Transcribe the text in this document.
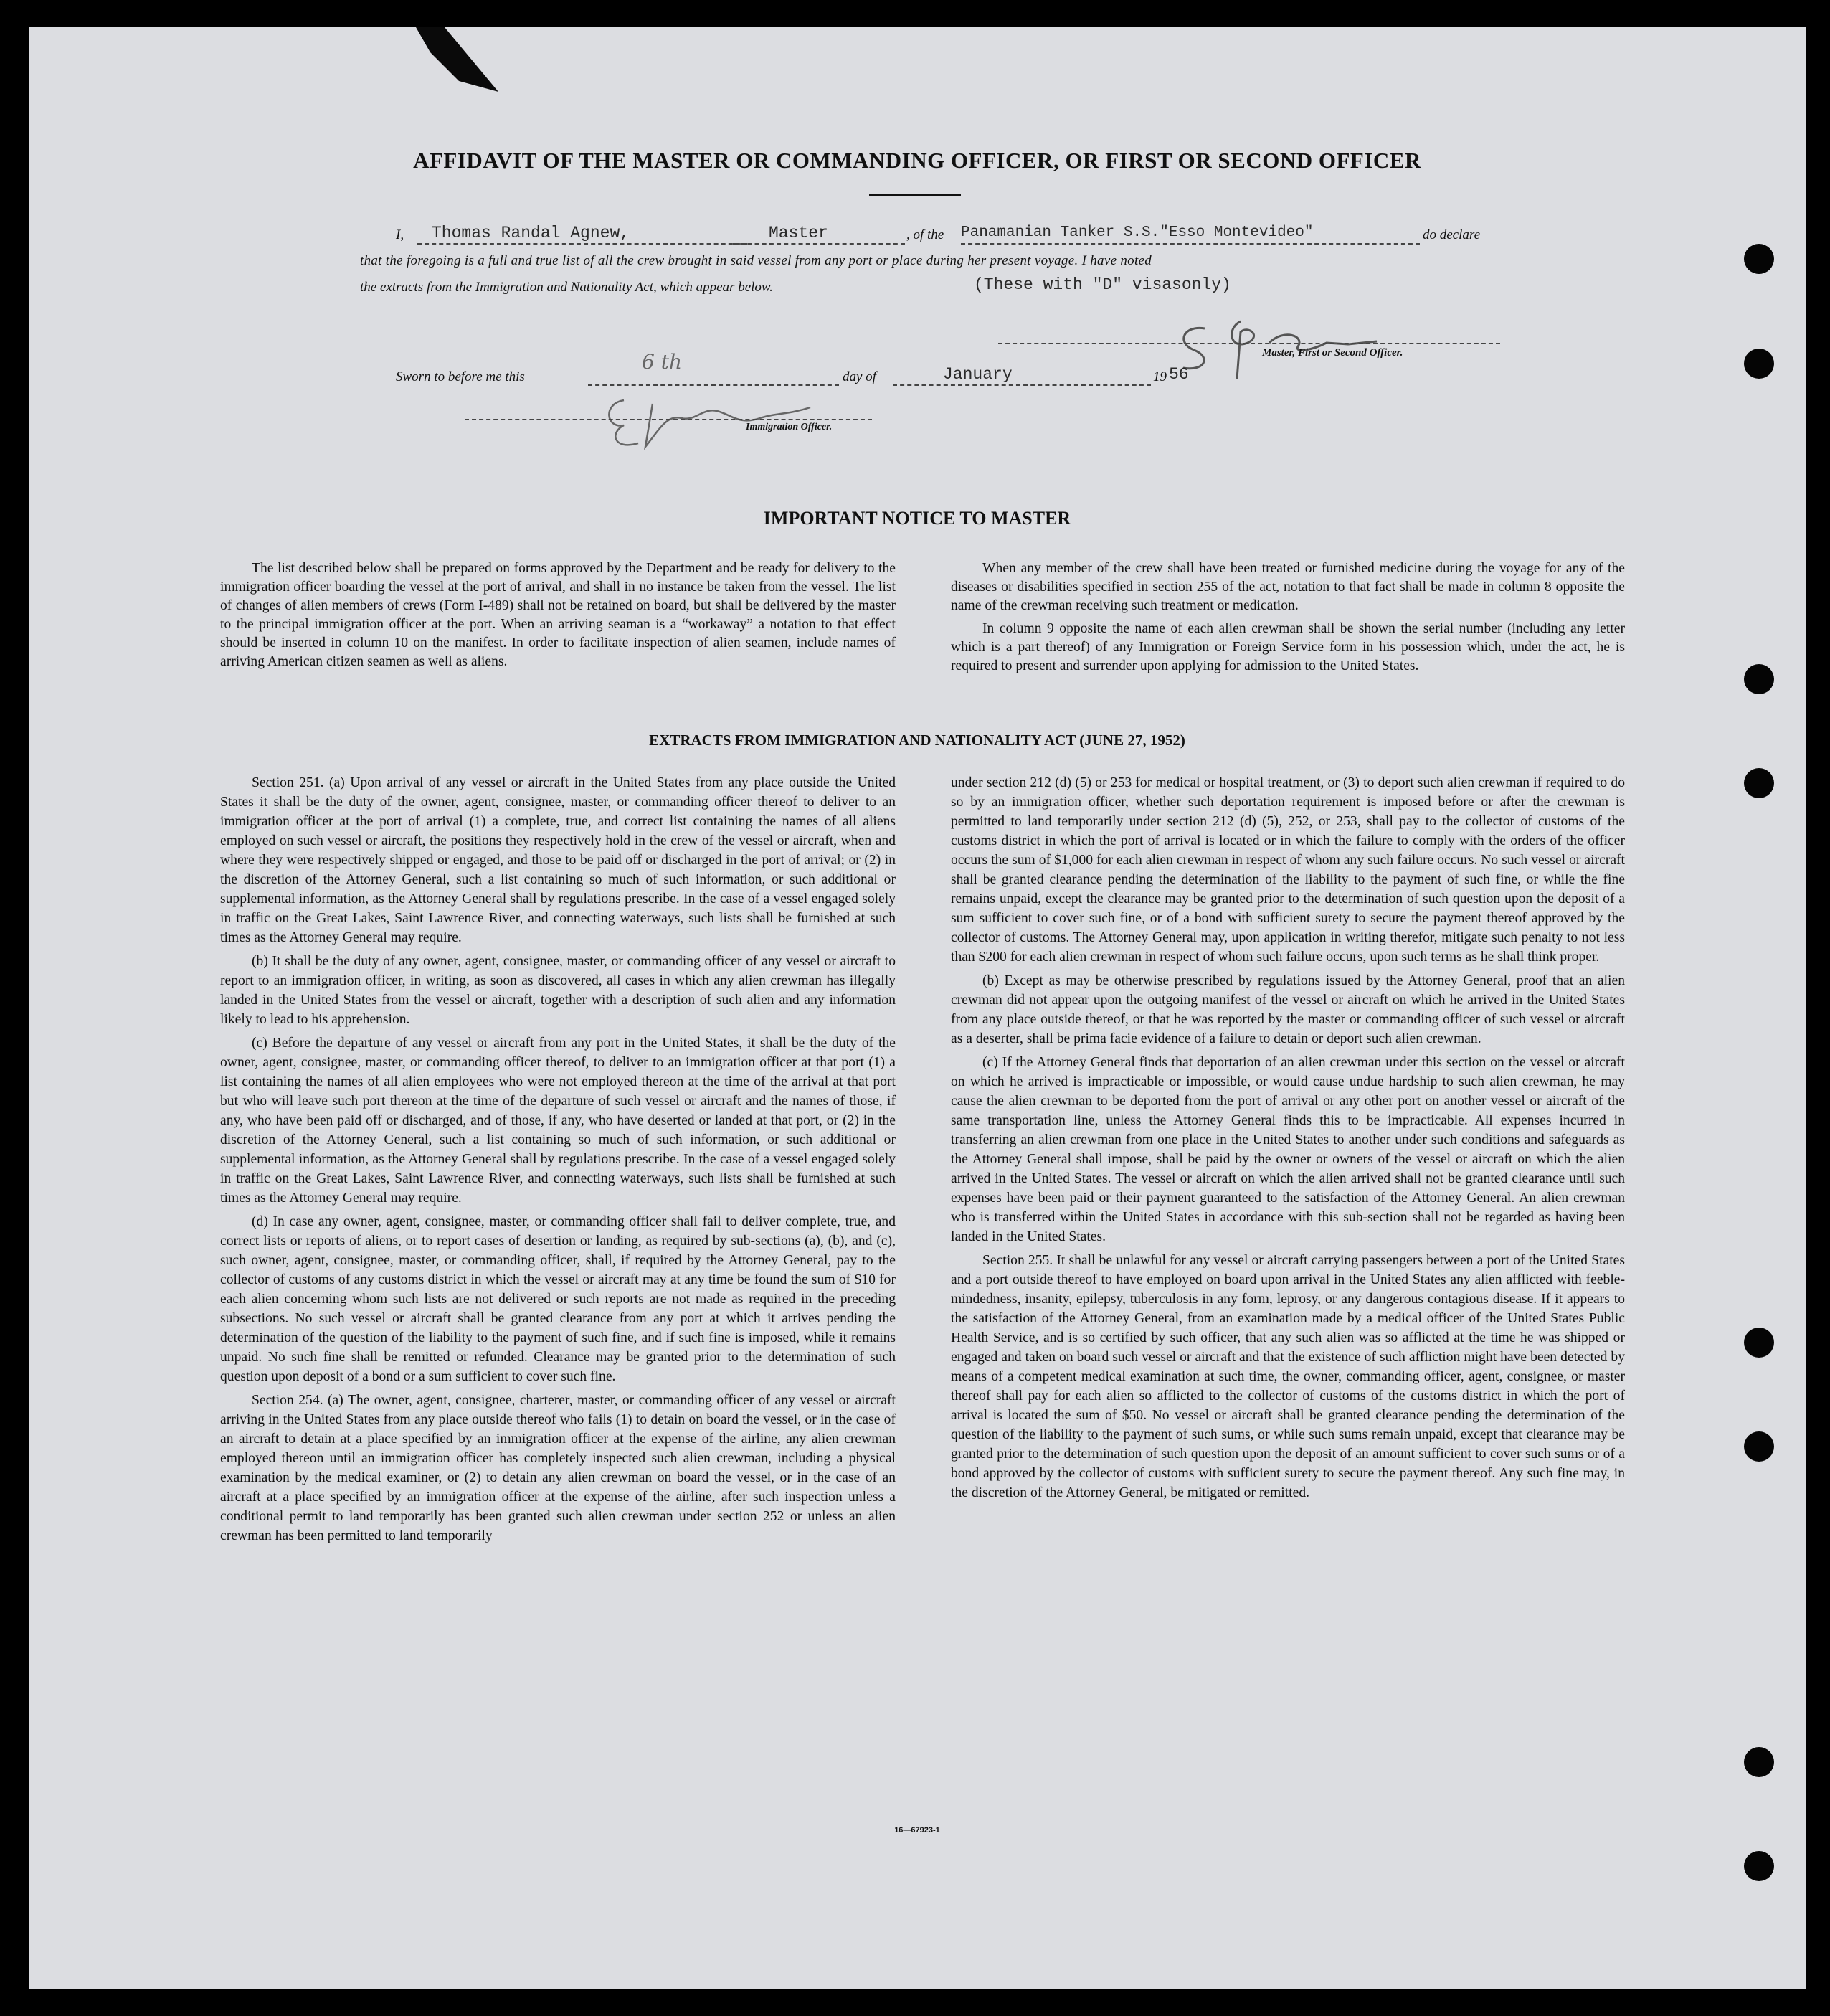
AFFIDAVIT OF THE MASTER OR COMMANDING OFFICER, OR FIRST OR SECOND OFFICER
I,	Thomas Randal Agnew,	Master	, of the Panamanian Tanker S.S."Esso Montevideo"	do declare
that the foregoing is a full and true list of all the crew brought in said vessel from any port or place during her present voyage. I have noted
the extracts from the Immigration and Nationality Act, which appear below.	(These with "D" visasonly)
Master, First or Second Officer.
Sworn to before me this
6 th
day of	January	19 56
Immigration Officer.
IMPORTANT NOTICE TO MASTER

The list described below shall be prepared on forms approved by the Department and be ready for delivery to the immigration officer boarding the vessel at the port of arrival, and shall in no instance be taken from the vessel. The list of changes of alien members of crews (Form I-489) shall not be retained on board, but shall be delivered by the master to the principal immigration officer at the port. When an arriving seaman is a “workaway” a notation to that effect should be inserted in column 10 on the manifest. In order to facilitate inspection of alien seamen, include names of arriving American citizen seamen as well as aliens.

When any member of the crew shall have been treated or furnished medicine during the voyage for any of the diseases or disabilities specified in section 255 of the act, notation to that fact shall be made in column 8 opposite the name of the crewman receiving such treatment or medication.

In column 9 opposite the name of each alien crewman shall be shown the serial number (including any letter which is a part thereof) of any Immigration or Foreign Service form in his possession which, under the act, he is required to present and surrender upon applying for admission to the United States.

EXTRACTS FROM IMMIGRATION AND NATIONALITY ACT (JUNE 27, 1952)

Section 251. (a) Upon arrival of any vessel or aircraft in the United States from any place outside the United States it shall be the duty of the owner, agent, consignee, master, or commanding officer thereof to deliver to an immigration officer at the port of arrival (1) a complete, true, and correct list containing the names of all aliens employed on such vessel or aircraft, the positions they respectively hold in the crew of the vessel or aircraft, when and where they were respectively shipped or engaged, and those to be paid off or discharged in the port of arrival; or (2) in the discretion of the Attorney General, such a list containing so much of such information, or such additional or supplemental information, as the Attorney General shall by regulations prescribe. In the case of a vessel engaged solely in traffic on the Great Lakes, Saint Lawrence River, and connecting waterways, such lists shall be furnished at such times as the Attorney General may require.

(b) It shall be the duty of any owner, agent, consignee, master, or commanding officer of any vessel or aircraft to report to an immigration officer, in writing, as soon as discovered, all cases in which any alien crewman has illegally landed in the United States from the vessel or aircraft, together with a description of such alien and any information likely to lead to his apprehension.

(c) Before the departure of any vessel or aircraft from any port in the United States, it shall be the duty of the owner, agent, consignee, master, or commanding officer thereof, to deliver to an immigration officer at that port (1) a list containing the names of all alien employees who were not employed thereon at the time of the arrival at that port but who will leave such port thereon at the time of the departure of such vessel or aircraft and the names of those, if any, who have been paid off or discharged, and of those, if any, who have deserted or landed at that port, or (2) in the discretion of the Attorney General, such a list containing so much of such information, or such additional or supplemental information, as the Attorney General shall by regulations prescribe. In the case of a vessel engaged solely in traffic on the Great Lakes, Saint Lawrence River, and connecting waterways, such lists shall be furnished at such times as the Attorney General may require.

(d) In case any owner, agent, consignee, master, or commanding officer shall fail to deliver complete, true, and correct lists or reports of aliens, or to report cases of desertion or landing, as required by sub-sections (a), (b), and (c), such owner, agent, consignee, master, or commanding officer, shall, if required by the Attorney General, pay to the collector of customs of any customs district in which the vessel or aircraft may at any time be found the sum of $10 for each alien concerning whom such lists are not delivered or such reports are not made as required in the preceding subsections. No such vessel or aircraft shall be granted clearance from any port at which it arrives pending the determination of the question of the liability to the payment of such fine, and if such fine is imposed, while it remains unpaid. No such fine shall be remitted or refunded. Clearance may be granted prior to the determination of such question upon deposit of a bond or a sum sufficient to cover such fine.

Section 254. (a) The owner, agent, consignee, charterer, master, or commanding officer of any vessel or aircraft arriving in the United States from any place outside thereof who fails (1) to detain on board the vessel, or in the case of an aircraft to detain at a place specified by an immigration officer at the expense of the airline, any alien crewman employed thereon until an immigration officer has completely inspected such alien crewman, including a physical examination by the medical examiner, or (2) to detain any alien crewman on board the vessel, or in the case of an aircraft at a place specified by an immigration officer at the expense of the airline, after such inspection unless a conditional permit to land temporarily has been granted such alien crewman under section 252 or unless an alien crewman has been permitted to land temporarily

under section 212 (d) (5) or 253 for medical or hospital treatment, or (3) to deport such alien crewman if required to do so by an immigration officer, whether such deportation requirement is imposed before or after the crewman is permitted to land temporarily under section 212 (d) (5), 252, or 253, shall pay to the collector of customs of the customs district in which the port of arrival is located or in which the failure to comply with the orders of the officer occurs the sum of $1,000 for each alien crewman in respect of whom any such failure occurs. No such vessel or aircraft shall be granted clearance pending the determination of the liability to the payment of such fine, or while the fine remains unpaid, except the clearance may be granted prior to the determination of such question upon the deposit of a sum sufficient to cover such fine, or of a bond with sufficient surety to secure the payment thereof approved by the collector of customs. The Attorney General may, upon application in writing therefor, mitigate such penalty to not less than $200 for each alien crewman in respect of whom such failure occurs, upon such terms as he shall think proper.

(b) Except as may be otherwise prescribed by regulations issued by the Attorney General, proof that an alien crewman did not appear upon the outgoing manifest of the vessel or aircraft on which he arrived in the United States from any place outside thereof, or that he was reported by the master or commanding officer of such vessel or aircraft as a deserter, shall be prima facie evidence of a failure to detain or deport such alien crewman.

(c) If the Attorney General finds that deportation of an alien crewman under this section on the vessel or aircraft on which he arrived is impracticable or impossible, or would cause undue hardship to such alien crewman, he may cause the alien crewman to be deported from the port of arrival or any other port on another vessel or aircraft of the same transportation line, unless the Attorney General finds this to be impracticable. All expenses incurred in transferring an alien crewman from one place in the United States to another under such conditions and safeguards as the Attorney General shall impose, shall be paid by the owner or owners of the vessel or aircraft on which the alien arrived in the United States. The vessel or aircraft on which the alien arrived shall not be granted clearance until such expenses have been paid or their payment guaranteed to the satisfaction of the Attorney General. An alien crewman who is transferred within the United States in accordance with this sub-section shall not be regarded as having been landed in the United States.

Section 255. It shall be unlawful for any vessel or aircraft carrying passengers between a port of the United States and a port outside thereof to have employed on board upon arrival in the United States any alien afflicted with feeble-mindedness, insanity, epilepsy, tuberculosis in any form, leprosy, or any dangerous contagious disease. If it appears to the satisfaction of the Attorney General, from an examination made by a medical officer of the United States Public Health Service, and is so certified by such officer, that any such alien was so afflicted at the time he was shipped or engaged and taken on board such vessel or aircraft and that the existence of such affliction might have been detected by means of a competent medical examination at such time, the owner, commanding officer, agent, consignee, or master thereof shall pay for each alien so afflicted to the collector of customs of the customs district in which the port of arrival is located the sum of $50. No vessel or aircraft shall be granted clearance pending the determination of the question of the liability to the payment of such sums, or while such sums remain unpaid, except that clearance may be granted prior to the determination of such question upon the deposit of an amount sufficient to cover such sums or of a bond approved by the collector of customs with sufficient surety to secure the payment thereof. Any such fine may, in the discretion of the Attorney General, be mitigated or remitted.

16—67923-1
